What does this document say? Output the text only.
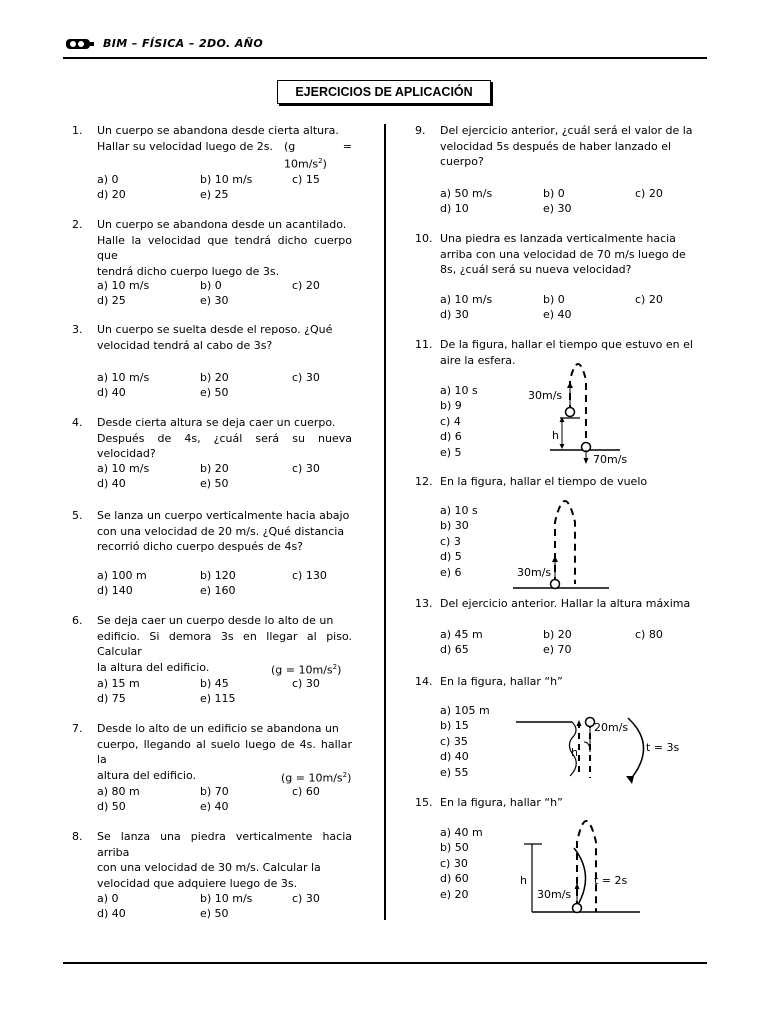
BIM – FÍSICA – 2DO. AÑO
EJERCICIOS DE APLICACIÓN
1. Un cuerpo se abandona desde cierta altura.
Hallar su velocidad luego de 2s. $(g = 10m/s^2)$
a) 0	b) 10 m/s	c) 15
d) 20	e) 25
2. Un cuerpo se abandona desde un acantilado.
Halle la velocidad que tendrá dicho cuerpo que
tendrá dicho cuerpo luego de 3s.
a) 10 m/s	b) 0	c) 20
d) 25	e) 30
3. Un cuerpo se suelta desde el reposo. ¿Qué
velocidad tendrá al cabo de 3s?
a) 10 m/s	b) 20	c) 30
d) 40	e) 50
4. Desde cierta altura se deja caer un cuerpo.
Después de 4s, ¿cuál será su nueva velocidad?
a) 10 m/s	b) 20	c) 30
d) 40	e) 50
5. Se lanza un cuerpo verticalmente hacia abajo
con una velocidad de 20 m/s. ¿Qué distancia
recorrió dicho cuerpo después de 4s?
a) 100 m	b) 120	c) 130
d) 140	e) 160
6. Se deja caer un cuerpo desde lo alto de un
edificio. Si demora 3s en llegar al piso. Calcular
la altura del edificio.	$(g = 10m/s^2)$
a) 15 m	b) 45	c) 30
d) 75	e) 115
7. Desde lo alto de un edificio se abandona un
cuerpo, llegando al suelo luego de 4s. hallar la
altura del edificio.	$(g = 10m/s^2)$
a) 80 m	b) 70	c) 60
d) 50	e) 40
8. Se lanza una piedra verticalmente hacia arriba
con una velocidad de 30 m/s. Calcular la
velocidad que adquiere luego de 3s.
a) 0	b) 10 m/s	c) 30
d) 40	e) 50
9. Del ejercicio anterior, ¿cuál será el valor de la
velocidad 5s después de haber lanzado el
cuerpo?
a) 50 m/s	b) 0	c) 20
d) 10	e) 30
10. Una piedra es lanzada verticalmente hacia
arriba con una velocidad de 70 m/s luego de
8s, ¿cuál será su nueva velocidad?
a) 10 m/s	b) 0	c) 20
d) 30	e) 40
11. De la figura, hallar el tiempo que estuvo en el
aire la esfera.
a) 10 s
b) 9
c) 4
d) 6
e) 5
30m/s
h
70m/s
12. En la figura, hallar el tiempo de vuelo
a) 10 s
b) 30
c) 3
d) 5
e) 6	30m/s
13. Del ejercicio anterior. Hallar la altura máxima
a) 45 m	b) 20	c) 80
d) 65	e) 70
14. En la figura, hallar “h”
a) 105 m
b) 15
c) 35
d) 40
e) 55
20m/s
h	t = 3s
15. En la figura, hallar “h”
a) 40 m
b) 50
c) 30
d) 60
e) 20
h
30m/s
t = 2s
